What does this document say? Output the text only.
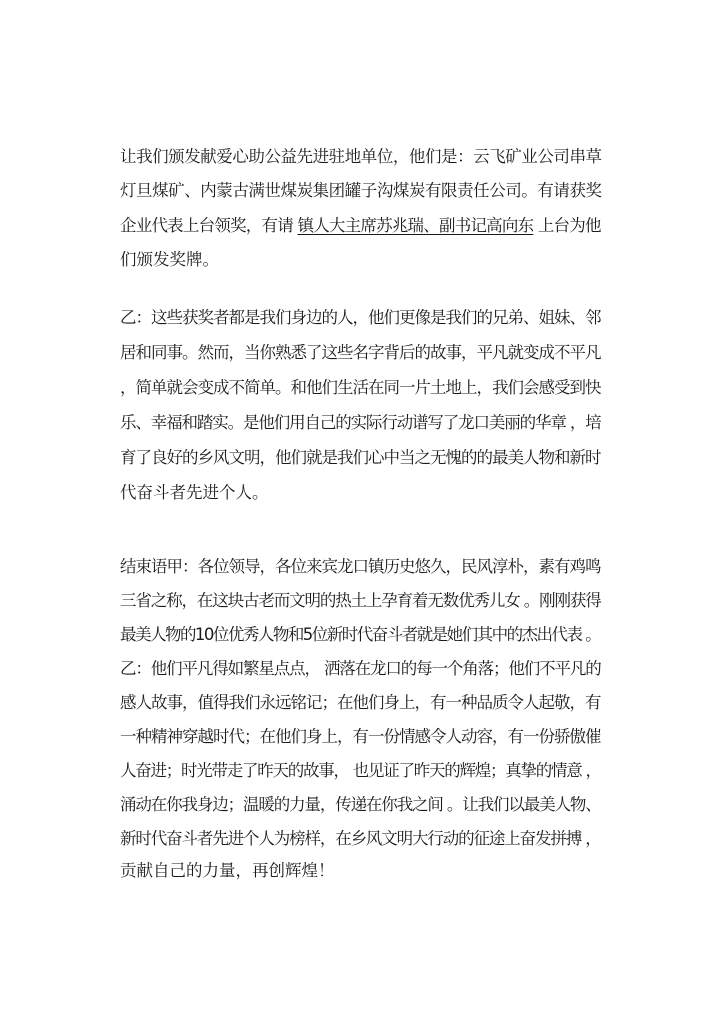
让我们颁发献爱心助公益先进驻地单位，他们是：云飞矿业公司串草
灯旦煤矿、内蒙古满世煤炭集团罐子沟煤炭有限责任公司。有请获奖
企业代表上台领奖，有请 镇人大主席苏兆瑞、副书记高向东 上台为他
们颁发奖牌。
乙：这些获奖者都是我们身边的人，他们更像是我们的兄弟、姐妹、邻
居和同事。然而，当你熟悉了这些名字背后的故事，平凡就变成不平凡
，简单就会变成不简单。和他们生活在同一片土地上，我们会感受到快
乐、幸福和踏实。是他们用自己的实际行动谱写了龙口美丽的华章 ，培
育了良好的乡风文明，他们就是我们心中当之无愧的的最美人物和新时
代奋斗者先进个人。
结束语甲：各位领导，各位来宾龙口镇历史悠久，民风淳朴，素有鸡鸣
三省之称，在这块古老而文明的热土上孕育着无数优秀儿女 。刚刚获得
最美人物的10位优秀人物和5位新时代奋斗者就是她们其中的杰出代表 。
乙：他们平凡得如繁星点点， 洒落在龙口的每一个角落；他们不平凡的
感人故事，值得我们永远铭记；在他们身上，有一种品质令人起敬，有
一种精神穿越时代；在他们身上，有一份情感令人动容，有一份骄傲催
人奋进；时光带走了昨天的故事， 也见证了昨天的辉煌；真挚的情意 ，
涌动在你我身边；温暖的力量，传递在你我之间 。让我们以最美人物、
新时代奋斗者先进个人为榜样，在乡风文明大行动的征途上奋发拼搏 ，
贡献自己的力量，再创辉煌！
